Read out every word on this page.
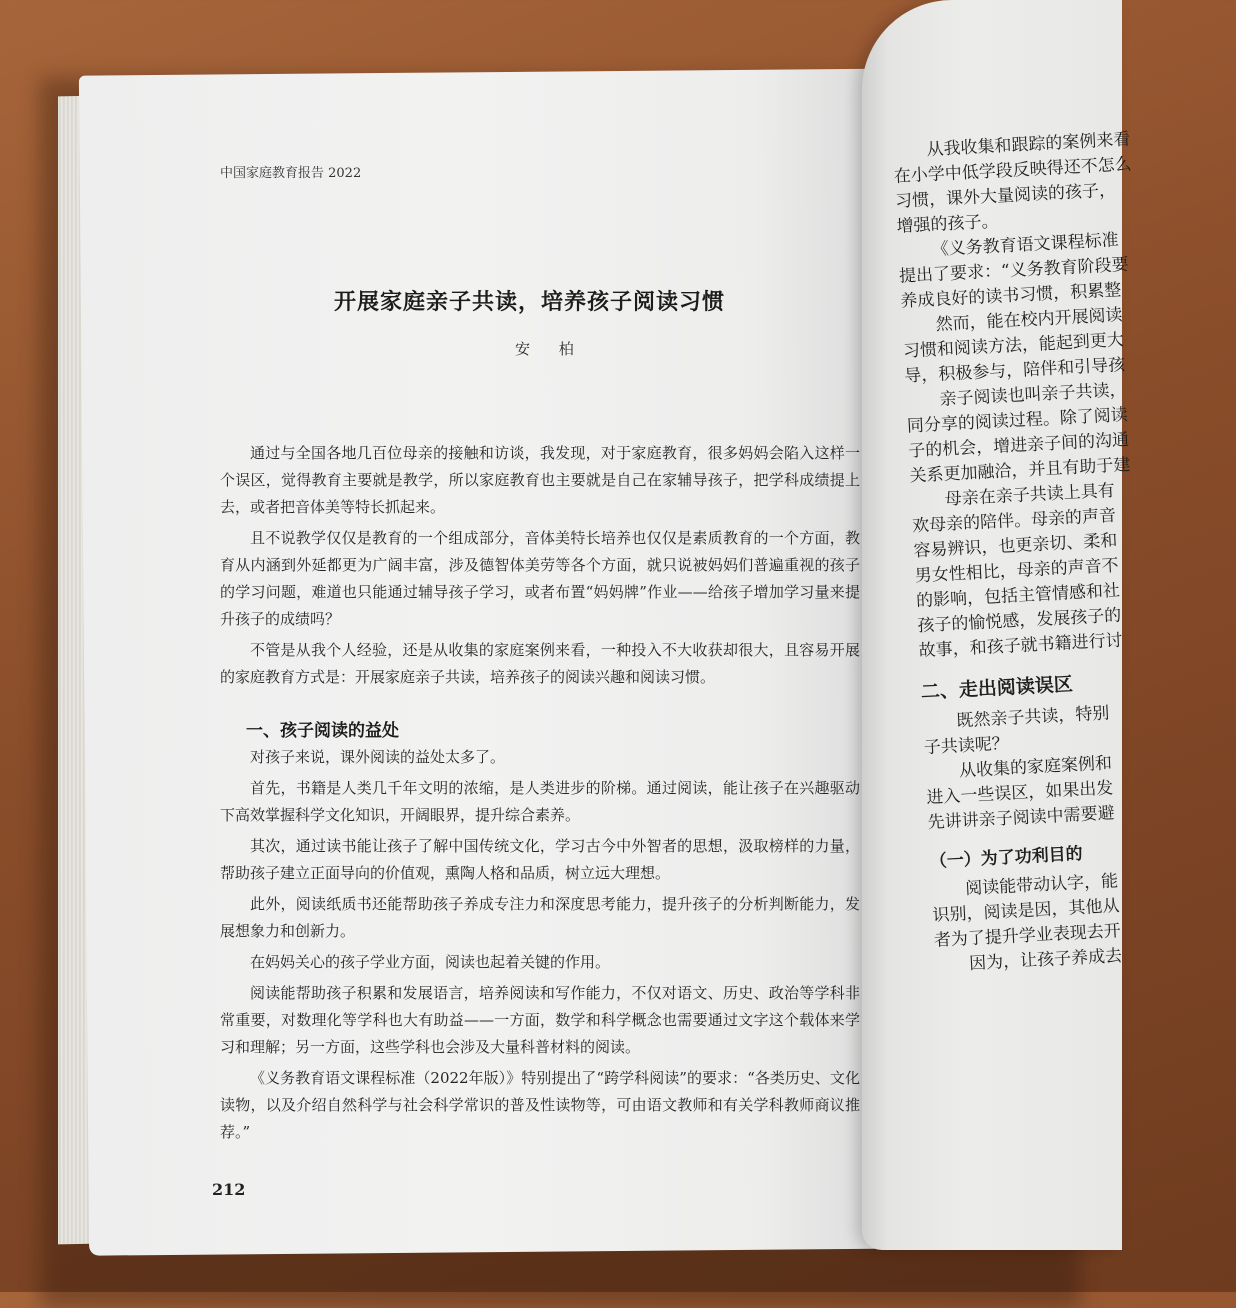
中国家庭教育报告 2022
开展家庭亲子共读，培养孩子阅读习惯
安 柏

通过与全国各地几百位母亲的接触和访谈，我发现，对于家庭教育，很多妈妈会陷入这样一个误区，觉得教育主要就是教学，所以家庭教育也主要就是自己在家辅导孩子，把学科成绩提上去，或者把音体美等特长抓起来。

且不说教学仅仅是教育的一个组成部分，音体美特长培养也仅仅是素质教育的一个方面，教育从内涵到外延都更为广阔丰富，涉及德智体美劳等各个方面，就只说被妈妈们普遍重视的孩子的学习问题，难道也只能通过辅导孩子学习，或者布置“妈妈牌”作业——给孩子增加学习量来提升孩子的成绩吗？

不管是从我个人经验，还是从收集的家庭案例来看，一种投入不大收获却很大，且容易开展的家庭教育方式是：开展家庭亲子共读，培养孩子的阅读兴趣和阅读习惯。

一、孩子阅读的益处

对孩子来说，课外阅读的益处太多了。

首先，书籍是人类几千年文明的浓缩，是人类进步的阶梯。通过阅读，能让孩子在兴趣驱动下高效掌握科学文化知识，开阔眼界，提升综合素养。

其次，通过读书能让孩子了解中国传统文化，学习古今中外智者的思想，汲取榜样的力量，帮助孩子建立正面导向的价值观，熏陶人格和品质，树立远大理想。

此外，阅读纸质书还能帮助孩子养成专注力和深度思考能力，提升孩子的分析判断能力，发展想象力和创新力。

在妈妈关心的孩子学业方面，阅读也起着关键的作用。

阅读能帮助孩子积累和发展语言，培养阅读和写作能力，不仅对语文、历史、政治等学科非常重要，对数理化等学科也大有助益——一方面，数学和科学概念也需要通过文字这个载体来学习和理解；另一方面，这些学科也会涉及大量科普材料的阅读。

《义务教育语文课程标准（2022年版）》特别提出了“跨学科阅读”的要求：“各类历史、文化读物，以及介绍自然科学与社会科学常识的普及性读物等，可由语文教师和有关学科教师商议推荐。”

212
从我收集和跟踪的案例来看
在小学中低学段反映得还不怎么
习惯，课外大量阅读的孩子，
增强的孩子。
《义务教育语文课程标准
提出了要求：“义务教育阶段要
养成良好的读书习惯，积累整
然而，能在校内开展阅读
习惯和阅读方法，能起到更大
导，积极参与，陪伴和引导孩
亲子阅读也叫亲子共读，
同分享的阅读过程。除了阅读
子的机会，增进亲子间的沟通
关系更加融洽，并且有助于建
母亲在亲子共读上具有
欢母亲的陪伴。母亲的声音
容易辨识，也更亲切、柔和
男女性相比，母亲的声音不
的影响，包括主管情感和社
孩子的愉悦感，发展孩子的
故事，和孩子就书籍进行讨
二、走出阅读误区
既然亲子共读，特别
子共读呢？
从收集的家庭案例和
进入一些误区，如果出发
先讲讲亲子阅读中需要避
（一）为了功利目的
阅读能带动认字，能
识别，阅读是因，其他从
者为了提升学业表现去开
因为，让孩子养成去
